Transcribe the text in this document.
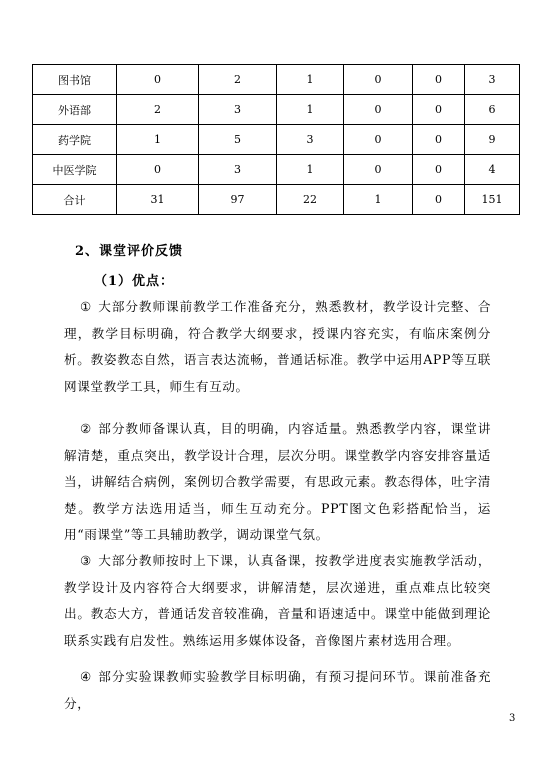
图书馆	0	2	1	0	0	3
外语部	2	3	1	0	0	6
药学院	1	5	3	0	0	9
中医学院	0	3	1	0	0	4
合计	31	97	22	1	0	151
2、课堂评价反馈
（1）优点：

① 大部分教师课前教学工作准备充分，熟悉教材，教学设计完整、合理，教学目标明确，符合教学大纲要求，授课内容充实，有临床案例分析。教姿教态自然，语言表达流畅，普通话标准。教学中运用APP等互联网课堂教学工具，师生有互动。

② 部分教师备课认真，目的明确，内容适量。熟悉教学内容，课堂讲解清楚，重点突出，教学设计合理，层次分明。课堂教学内容安排容量适当，讲解结合病例，案例切合教学需要，有思政元素。教态得体，吐字清楚。教学方法选用适当，师生互动充分。PPT图文色彩搭配恰当，运用“雨课堂”等工具辅助教学，调动课堂气氛。

③ 大部分教师按时上下课，认真备课，按教学进度表实施教学活动，教学设计及内容符合大纲要求，讲解清楚，层次递进，重点难点比较突出。教态大方，普通话发音较准确，音量和语速适中。课堂中能做到理论联系实践有启发性。熟练运用多媒体设备，音像图片素材选用合理。

④ 部分实验课教师实验教学目标明确，有预习提问环节。课前准备充分，

3
